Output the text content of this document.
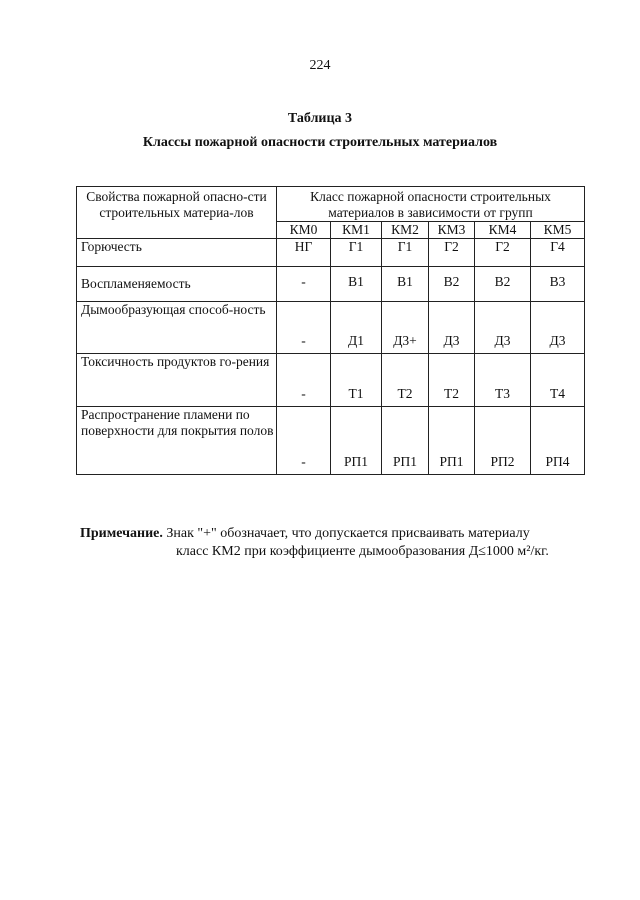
224
Таблица 3
Классы пожарной опасности строительных материалов
Свойства пожарной опасно-сти строительных материа-лов	Класс пожарной опасности строительных материалов в зависимости от групп					
	КМ0	КМ1	КМ2	КМ3	КМ4	КМ5
Горючесть	НГ	Г1	Г1	Г2	Г2	Г4
Воспламеняемость	-	В1	В1	В2	В2	В3
Дымообразующая способ-ность	-	Д1	Д3+	Д3	Д3	Д3
Токсичность продуктов го-рения	-	Т1	Т2	Т2	Т3	Т4
Распространение пламени по поверхности для покрытия полов	-	РП1	РП1	РП1	РП2	РП4
Примечание. Знак "+" обозначает, что допускается присваивать материалу
класс КМ2 при коэффициенте дымообразования Д≤1000 м²/кг.
